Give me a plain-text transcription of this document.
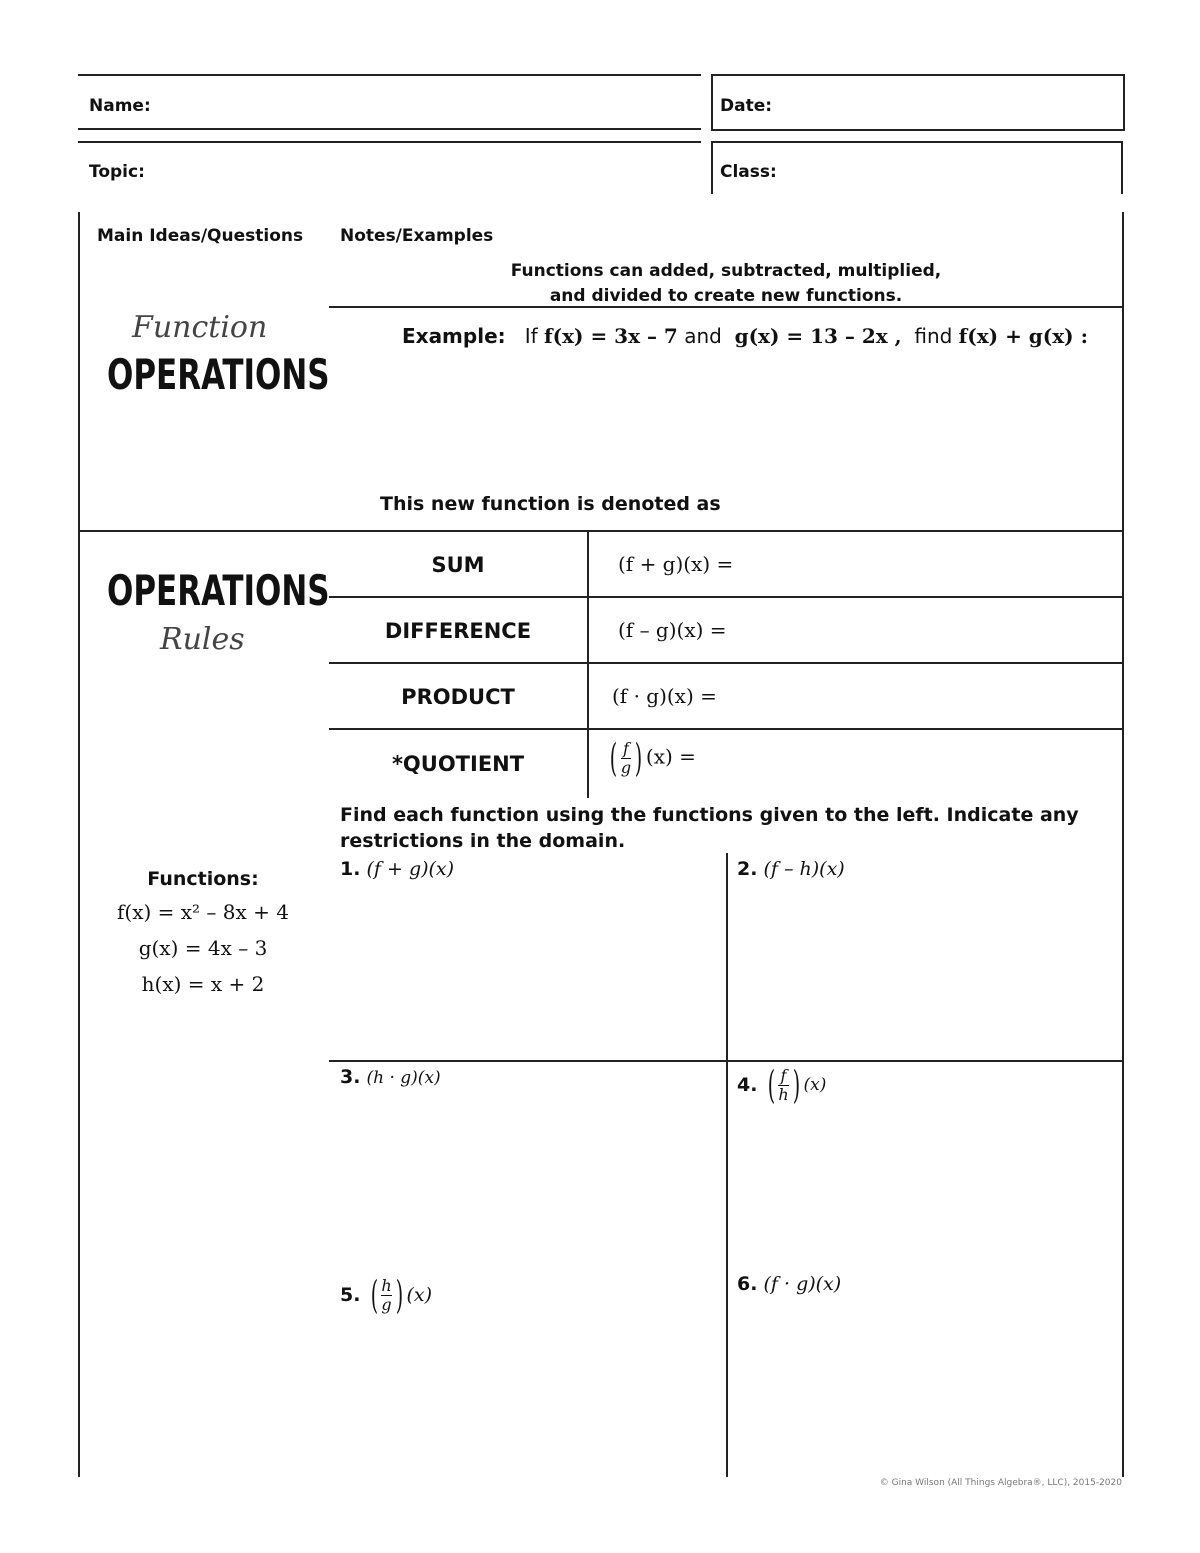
Name:	Date:
Topic:	Class:
Main Ideas/Questions Notes/Examples
Function
OPERATIONS
Functions can added, subtracted, multiplied,
and divided to create new functions.
Example: If f(x) = 3x – 7 and g(x) = 13 – 2x , find f(x) + g(x) :
This new function is denoted as
OPERATIONS
Rules
SUM	(f + g)(x) =
DIFFERENCE	(f – g)(x) =
PRODUCT	(f · g)(x) =
*QUOTIENT	( $\frac{f}{g}$ ) (x) =
Find each function using the functions given to the left. Indicate any
restrictions in the domain.
Functions:
f(x) = x² – 8x + 4
g(x) = 4x – 3
h(x) = x + 2
1. (f + g)(x)	2. (f – h)(x)
3. (h · g)(x)	4. ( $\frac{f}{h}$ ) (x)
5. ( $\frac{h}{g}$ ) (x)	6. (f · g)(x)
© Gina Wilson (All Things Algebra®, LLC), 2015-2020
